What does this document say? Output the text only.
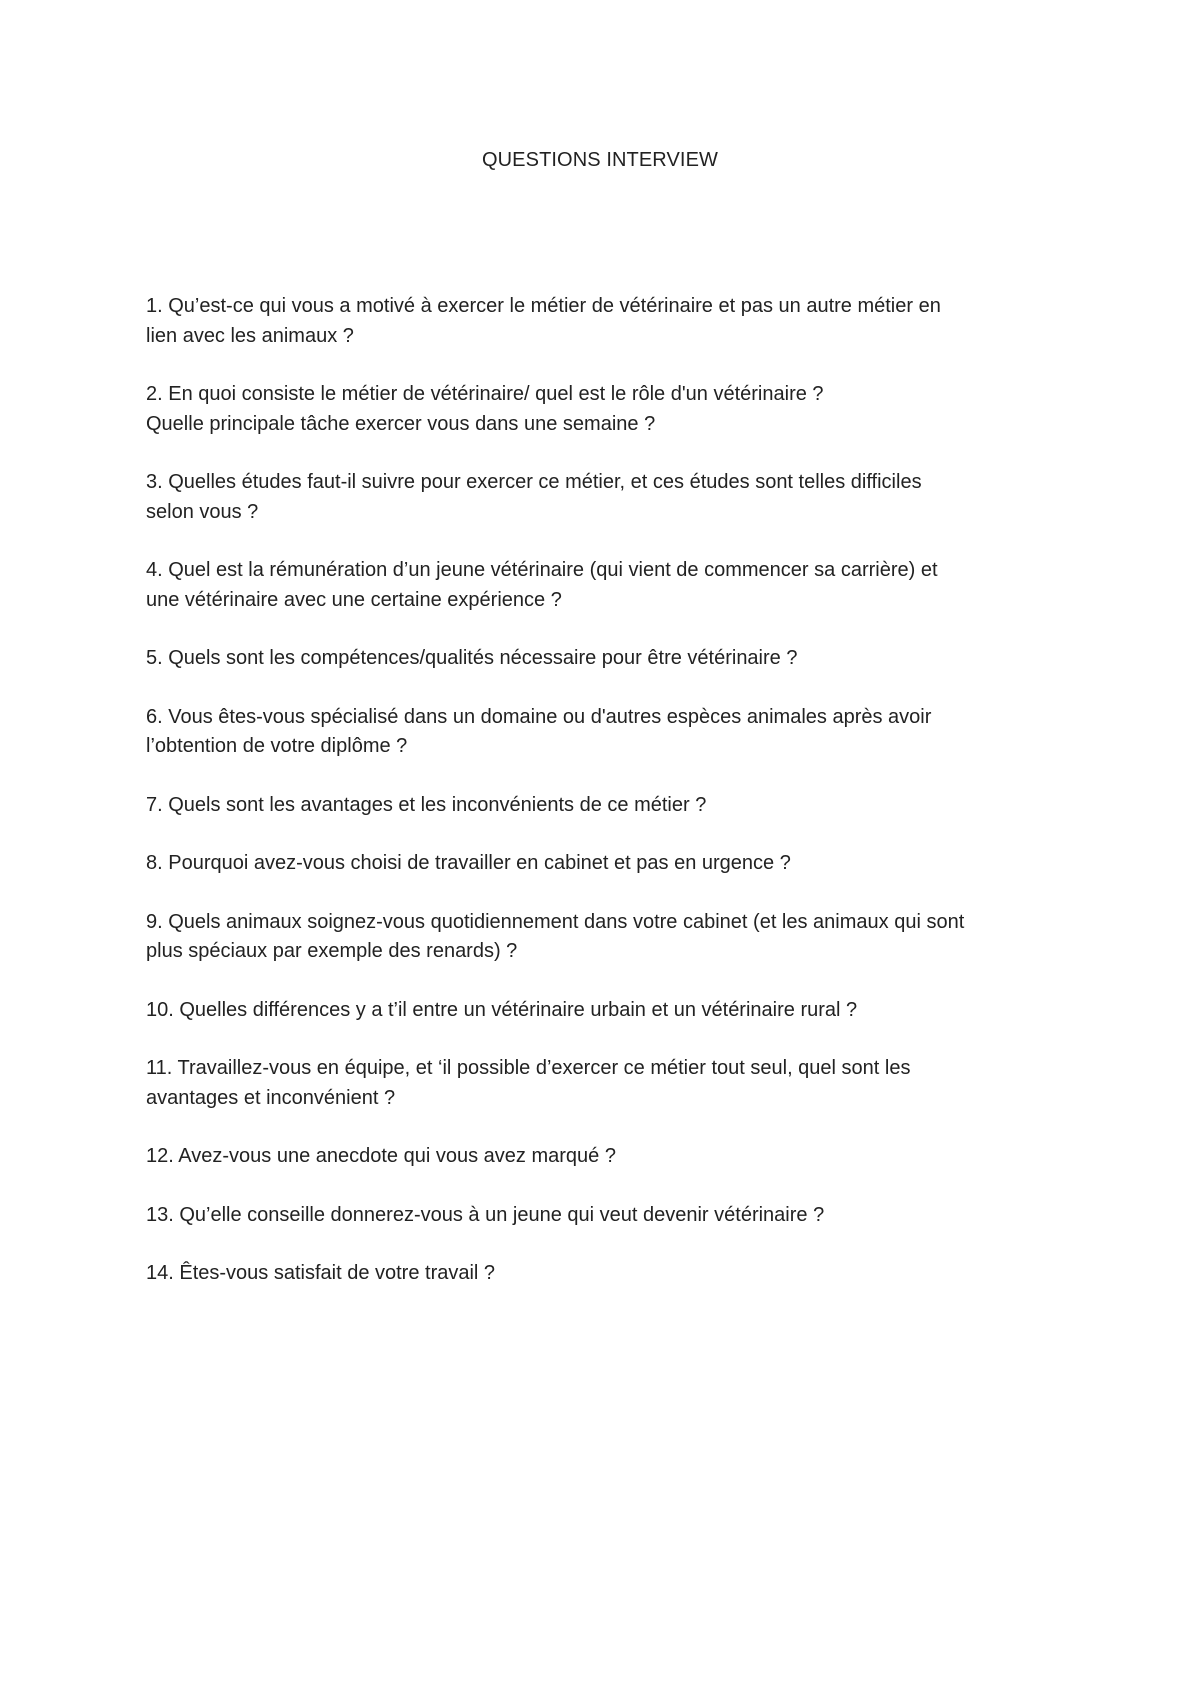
QUESTIONS INTERVIEW
1. Qu’est-ce qui vous a motivé à exercer le métier de vétérinaire et pas un autre métier en
lien avec les animaux ?
2. En quoi consiste le métier de vétérinaire/ quel est le rôle d'un vétérinaire ?
Quelle principale tâche exercer vous dans une semaine ?
3. Quelles études faut-il suivre pour exercer ce métier, et ces études sont telles difficiles
selon vous ?
4. Quel est la rémunération d’un jeune vétérinaire (qui vient de commencer sa carrière) et
une vétérinaire avec une certaine expérience ?
5. Quels sont les compétences/qualités nécessaire pour être vétérinaire ?
6. Vous êtes-vous spécialisé dans un domaine ou d'autres espèces animales après avoir
l’obtention de votre diplôme ?
7. Quels sont les avantages et les inconvénients de ce métier ?
8. Pourquoi avez-vous choisi de travailler en cabinet et pas en urgence ?
9. Quels animaux soignez-vous quotidiennement dans votre cabinet (et les animaux qui sont
plus spéciaux par exemple des renards) ?
10. Quelles différences y a t’il entre un vétérinaire urbain et un vétérinaire rural ?
11. Travaillez-vous en équipe, et ‘il possible d’exercer ce métier tout seul, quel sont les
avantages et inconvénient ?
12. Avez-vous une anecdote qui vous avez marqué ?
13. Qu’elle conseille donnerez-vous à un jeune qui veut devenir vétérinaire ?
14. Êtes-vous satisfait de votre travail ?
